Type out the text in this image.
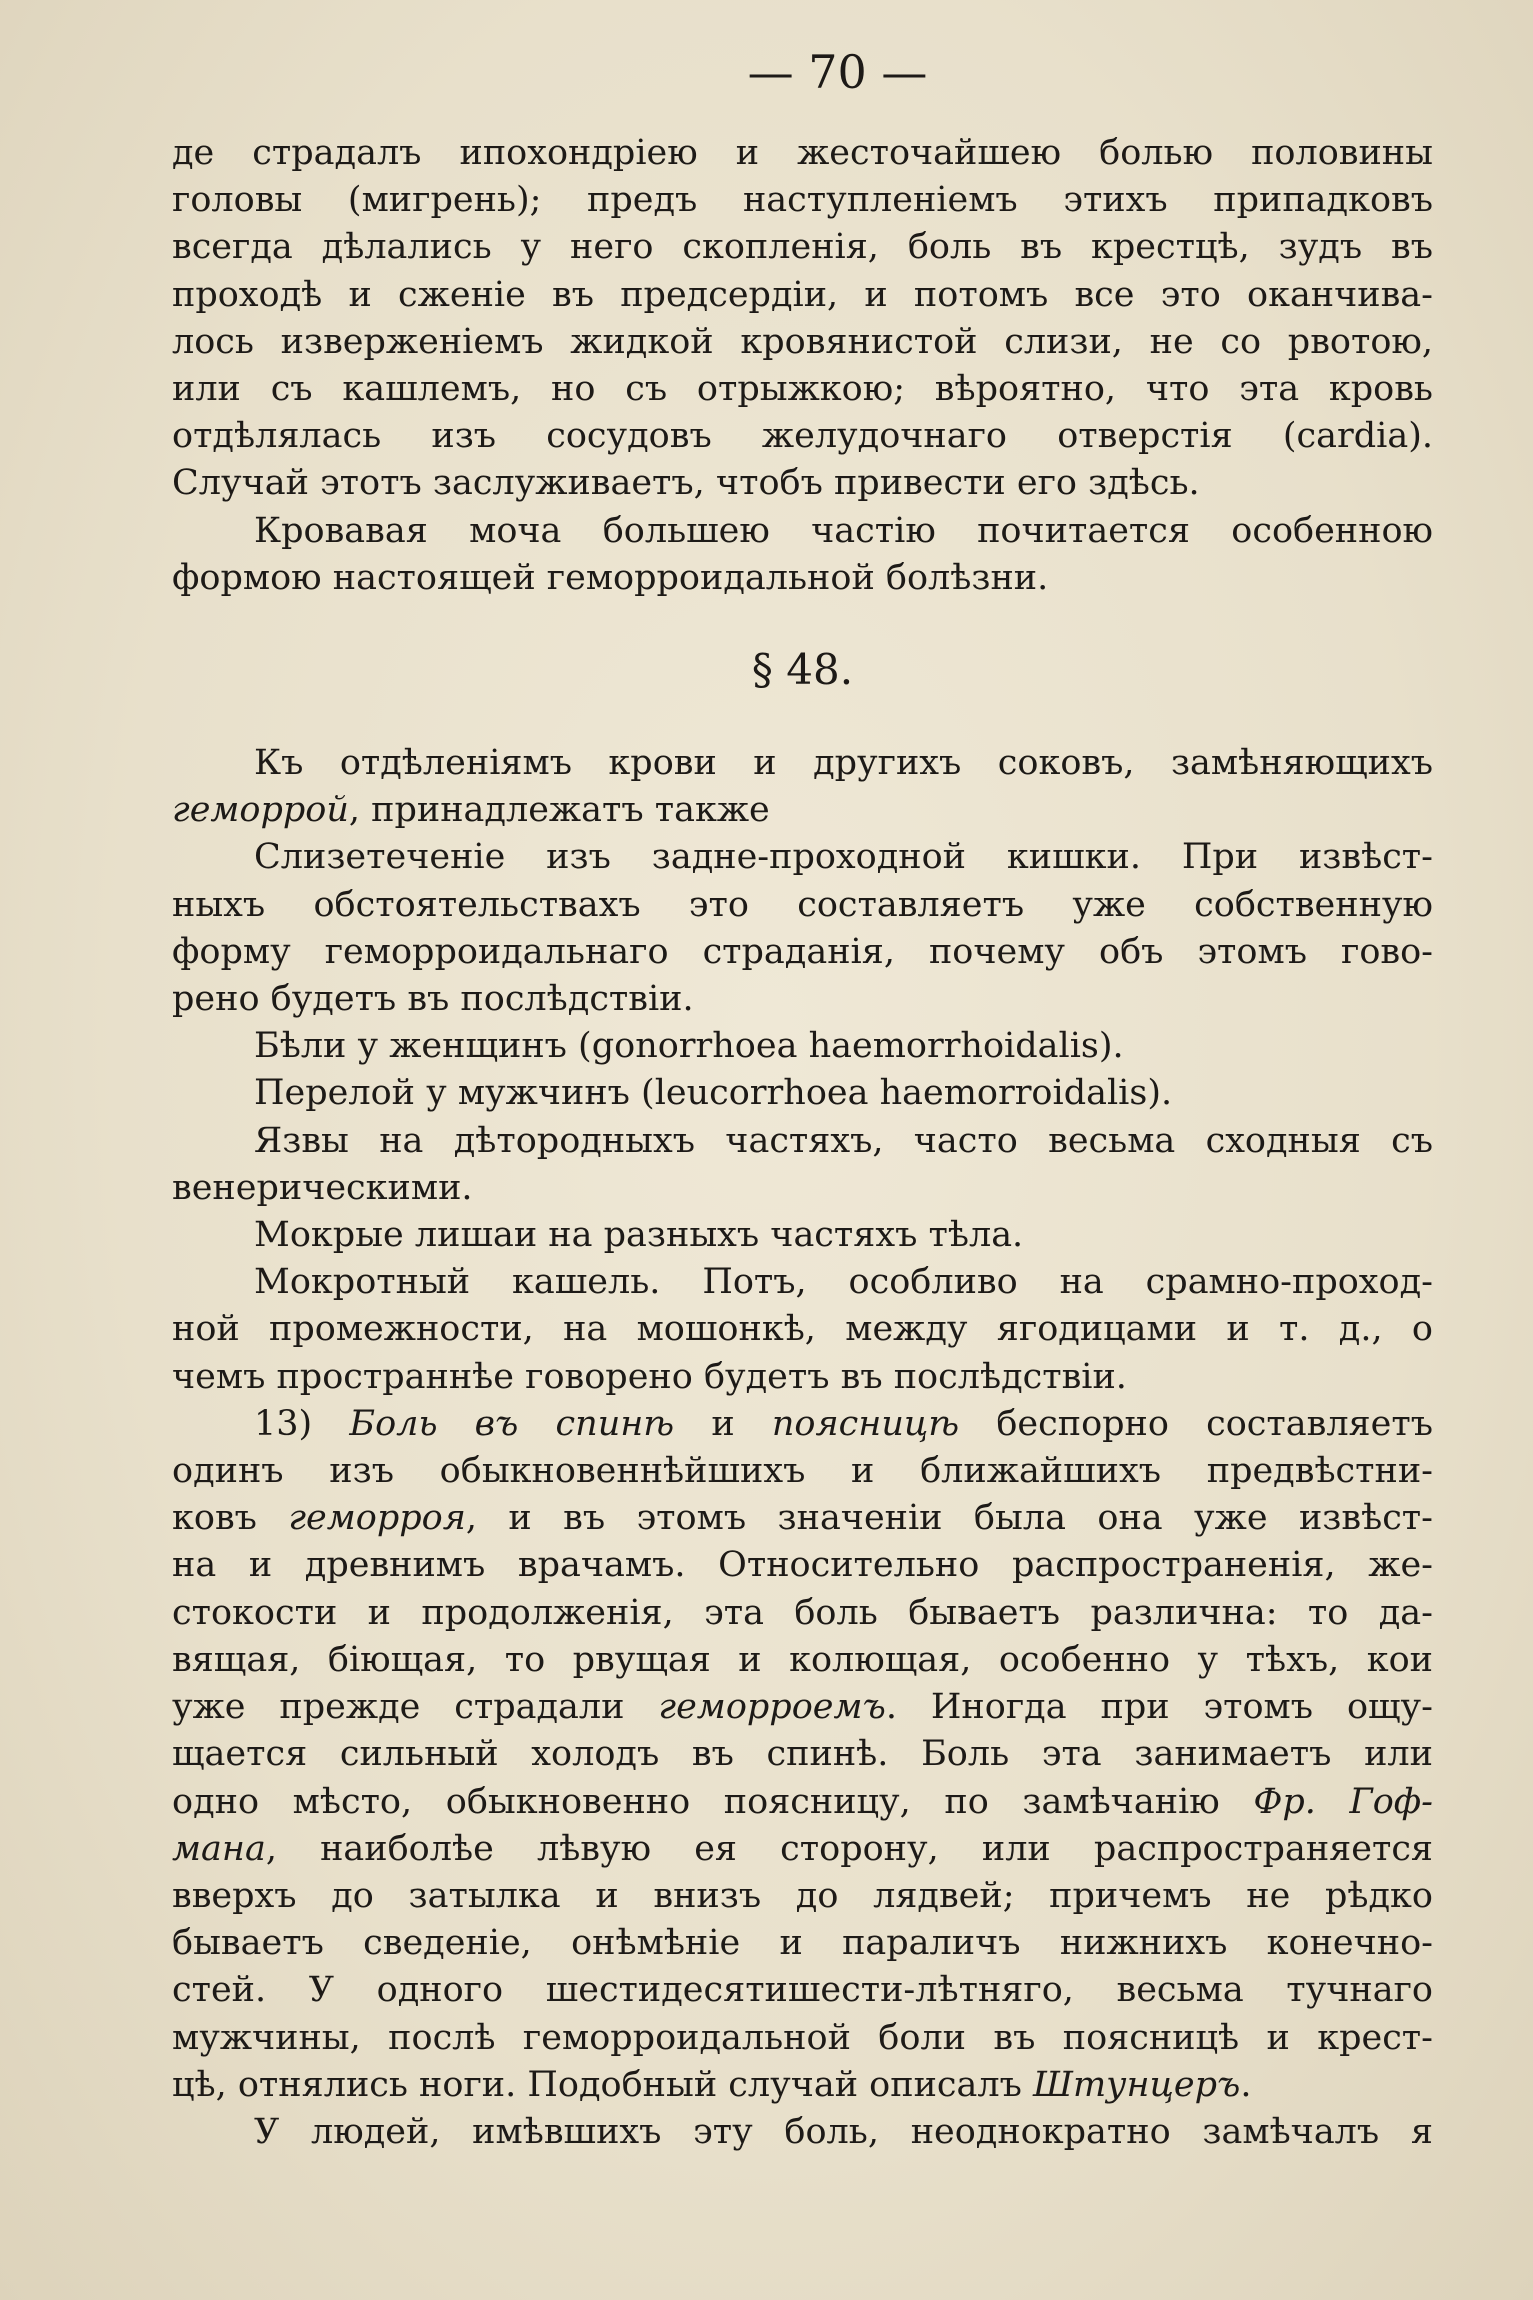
— 70 —
де страдалъ ипохондріею и жесточайшею болью половины
головы (мигрень); предъ наступленіемъ этихъ припадковъ
всегда дѣлались у него скопленія, боль въ крестцѣ, зудъ въ
проходѣ и сженіе въ предсердіи, и потомъ все это оканчива-
лось изверженіемъ жидкой кровянистой слизи, не со рвотою,
или съ кашлемъ, но съ отрыжкою; вѣроятно, что эта кровь
отдѣлялась изъ сосудовъ желудочнаго отверстія (cardia).
Случай этотъ заслуживаетъ, чтобъ привести его здѣсь.
Кровавая моча большею частію почитается особенною
формою настоящей геморроидальной болѣзни.
§ 48.
Къ отдѣленіямъ крови и другихъ соковъ, замѣняющихъ
геморрой, принадлежатъ также
Слизетеченіе изъ задне-проходной кишки. При извѣст-
ныхъ обстоятельствахъ это составляетъ уже собственную
форму геморроидальнаго страданія, почему объ этомъ гово-
рено будетъ въ послѣдствіи.
Бѣли у женщинъ (gonorrhoea haemorrhoidalis).
Перелой у мужчинъ (leucorrhoea haemorroidalis).
Язвы на дѣтородныхъ частяхъ, часто весьма сходныя съ
венерическими.
Мокрые лишаи на разныхъ частяхъ тѣла.
Мокротный кашель. Потъ, особливо на срамно-проход-
ной промежности, на мошонкѣ, между ягодицами и т. д., о
чемъ пространнѣе говорено будетъ въ послѣдствіи.
13) Боль въ спинѣ и поясницѣ беспорно составляетъ
одинъ изъ обыкновеннѣйшихъ и ближайшихъ предвѣстни-
ковъ геморроя, и въ этомъ значеніи была она уже извѣст-
на и древнимъ врачамъ. Относительно распространенія, же-
стокости и продолженія, эта боль бываетъ различна: то да-
вящая, біющая, то рвущая и колющая, особенно у тѣхъ, кои
уже прежде страдали геморроемъ. Иногда при этомъ ощу-
щается сильный холодъ въ спинѣ. Боль эта занимаетъ или
одно мѣсто, обыкновенно поясницу, по замѣчанію Фр. Гоф-
мана, наиболѣе лѣвую ея сторону, или распространяется
вверхъ до затылка и внизъ до лядвей; причемъ не рѣдко
бываетъ сведеніе, онѣмѣніе и параличъ нижнихъ конечно-
стей. У одного шестидесятишести-лѣтняго, весьма тучнаго
мужчины, послѣ геморроидальной боли въ поясницѣ и крест-
цѣ, отнялись ноги. Подобный случай описалъ Штунцеръ.
У людей, имѣвшихъ эту боль, неоднократно замѣчалъ я
